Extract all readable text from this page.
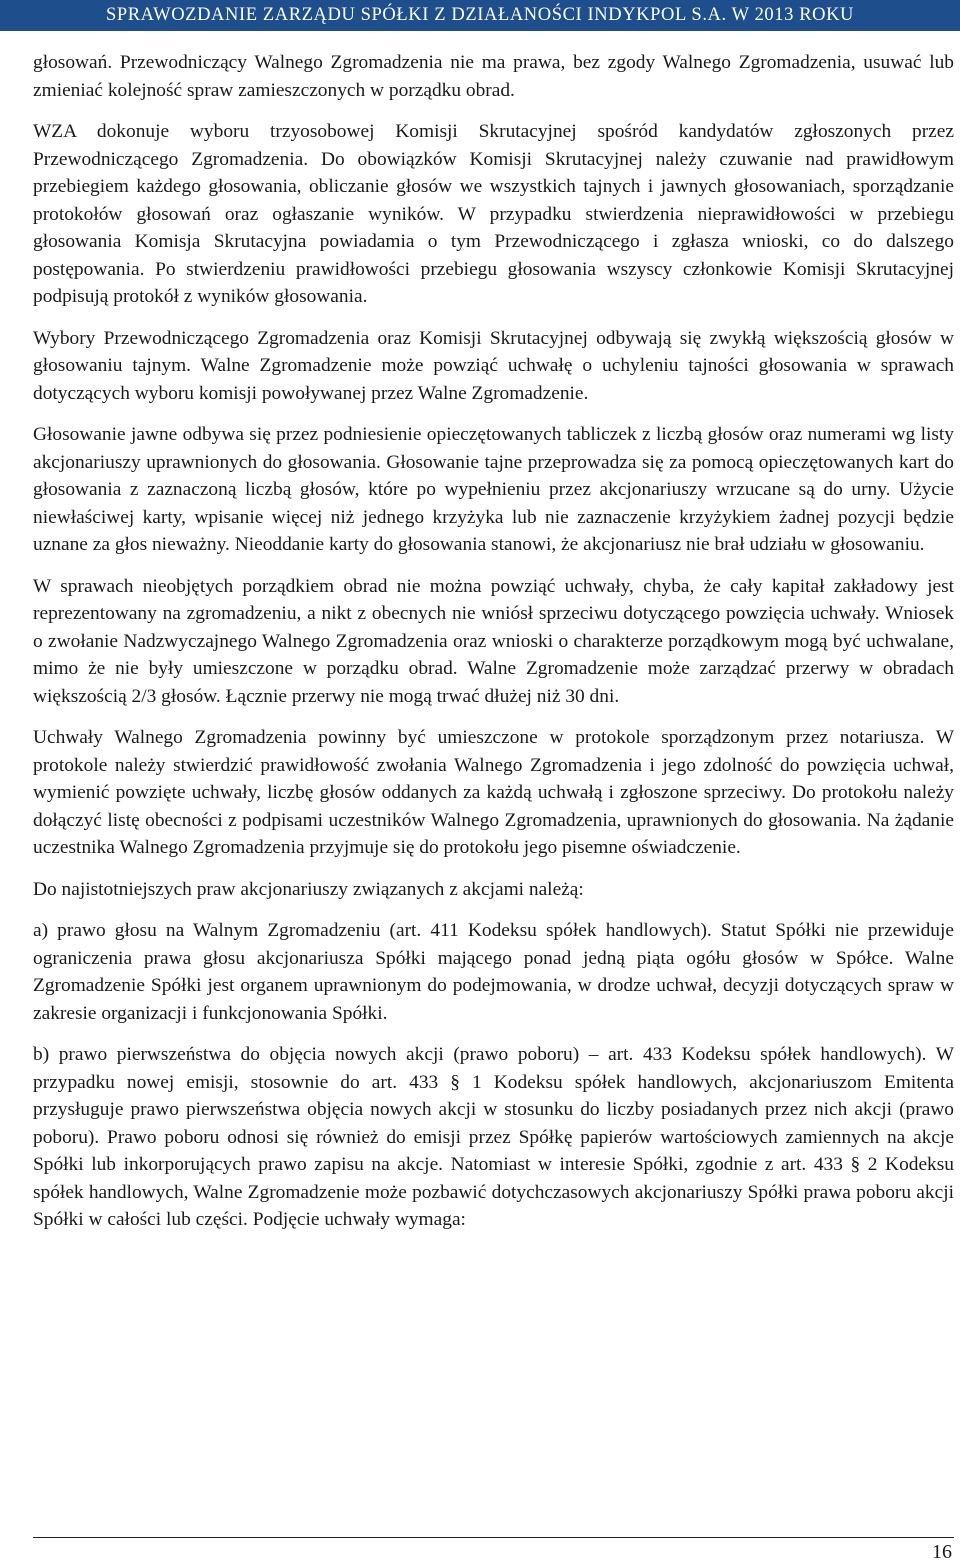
SPRAWOZDANIE ZARZĄDU SPÓŁKI Z DZIAŁANOŚCI INDYKPOL S.A. W 2013 ROKU

głosowań. Przewodniczący Walnego Zgromadzenia nie ma prawa, bez zgody Walnego Zgromadzenia, usuwać lub zmieniać kolejność spraw zamieszczonych w porządku obrad.

WZA dokonuje wyboru trzyosobowej Komisji Skrutacyjnej spośród kandydatów zgłoszonych przez Przewodniczącego Zgromadzenia. Do obowiązków Komisji Skrutacyjnej należy czuwanie nad prawidłowym przebiegiem każdego głosowania, obliczanie głosów we wszystkich tajnych i jawnych głosowaniach, sporządzanie protokołów głosowań oraz ogłaszanie wyników. W przypadku stwierdzenia nieprawidłowości w przebiegu głosowania Komisja Skrutacyjna powiadamia o tym Przewodniczącego i zgłasza wnioski, co do dalszego postępowania. Po stwierdzeniu prawidłowości przebiegu głosowania wszyscy członkowie Komisji Skrutacyjnej podpisują protokół z wyników głosowania.

Wybory Przewodniczącego Zgromadzenia oraz Komisji Skrutacyjnej odbywają się zwykłą większością głosów w głosowaniu tajnym. Walne Zgromadzenie może powziąć uchwałę o uchyleniu tajności głosowania w sprawach dotyczących wyboru komisji powoływanej przez Walne Zgromadzenie.

Głosowanie jawne odbywa się przez podniesienie opieczętowanych tabliczek z liczbą głosów oraz numerami wg listy akcjonariuszy uprawnionych do głosowania. Głosowanie tajne przeprowadza się za pomocą opieczętowanych kart do głosowania z zaznaczoną liczbą głosów, które po wypełnieniu przez akcjonariuszy wrzucane są do urny. Użycie niewłaściwej karty, wpisanie więcej niż jednego krzyżyka lub nie zaznaczenie krzyżykiem żadnej pozycji będzie uznane za głos nieważny. Nieoddanie karty do głosowania stanowi, że akcjonariusz nie brał udziału w głosowaniu.

W sprawach nieobjętych porządkiem obrad nie można powziąć uchwały, chyba, że cały kapitał zakładowy jest reprezentowany na zgromadzeniu, a nikt z obecnych nie wniósł sprzeciwu dotyczącego powzięcia uchwały. Wniosek o zwołanie Nadzwyczajnego Walnego Zgromadzenia oraz wnioski o charakterze porządkowym mogą być uchwalane, mimo że nie były umieszczone w porządku obrad. Walne Zgromadzenie może zarządzać przerwy w obradach większością 2/3 głosów. Łącznie przerwy nie mogą trwać dłużej niż 30 dni.

Uchwały Walnego Zgromadzenia powinny być umieszczone w protokole sporządzonym przez notariusza. W protokole należy stwierdzić prawidłowość zwołania Walnego Zgromadzenia i jego zdolność do powzięcia uchwał, wymienić powzięte uchwały, liczbę głosów oddanych za każdą uchwałą i zgłoszone sprzeciwy. Do protokołu należy dołączyć listę obecności z podpisami uczestników Walnego Zgromadzenia, uprawnionych do głosowania. Na żądanie uczestnika Walnego Zgromadzenia przyjmuje się do protokołu jego pisemne oświadczenie.

Do najistotniejszych praw akcjonariuszy związanych z akcjami należą:

a) prawo głosu na Walnym Zgromadzeniu (art. 411 Kodeksu spółek handlowych). Statut Spółki nie przewiduje ograniczenia prawa głosu akcjonariusza Spółki mającego ponad jedną piąta ogółu głosów w Spółce. Walne Zgromadzenie Spółki jest organem uprawnionym do podejmowania, w drodze uchwał, decyzji dotyczących spraw w zakresie organizacji i funkcjonowania Spółki.

b) prawo pierwszeństwa do objęcia nowych akcji (prawo poboru) – art. 433 Kodeksu spółek handlowych). W przypadku nowej emisji, stosownie do art. 433 § 1 Kodeksu spółek handlowych, akcjonariuszom Emitenta przysługuje prawo pierwszeństwa objęcia nowych akcji w stosunku do liczby posiadanych przez nich akcji (prawo poboru). Prawo poboru odnosi się również do emisji przez Spółkę papierów wartościowych zamiennych na akcje Spółki lub inkorporujących prawo zapisu na akcje. Natomiast w interesie Spółki, zgodnie z art. 433 § 2 Kodeksu spółek handlowych, Walne Zgromadzenie może pozbawić dotychczasowych akcjonariuszy Spółki prawa poboru akcji Spółki w całości lub części. Podjęcie uchwały wymaga:

16
